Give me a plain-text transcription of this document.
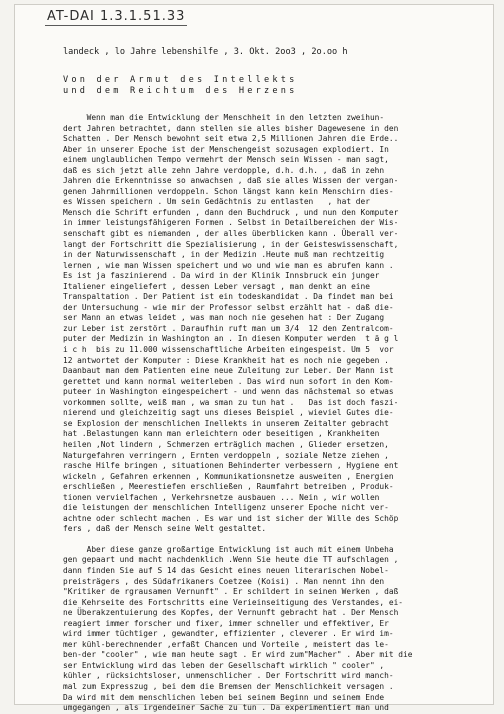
AT-DAI 1.3.1.51.33
landeck , lo Jahre lebenshilfe , 3. Okt. 2oo3 , 2o.oo h
Von der Armut des Intellekts
und dem Reichtum des Herzens
Wenn man die Entwicklung der Menschheit in den letzten zweihun-
dert Jahren betrachtet, dann stellen sie alles bisher Dagewesene in den
Schatten . Der Mensch bewohnt seit etwa 2,5 Millionen Jahren die Erde..
Aber in unserer Epoche ist der Menschengeist sozusagen explodiert. In
einem unglaublichen Tempo vermehrt der Mensch sein Wissen - man sagt,
daß es sich jetzt alle zehn Jahre verdopple, d.h. d.h. , daß in zehn
Jahren die Erkenntnisse so anwachsen , daß sie alles Wissen der vergan-
genen Jahrmillionen verdoppeln. Schon längst kann kein Menschirn dies-
es Wissen speichern . Um sein Gedächtnis zu entlasten   , hat der
Mensch die Schrift erfunden , dann den Buchdruck , und nun den Komputer
in immer leistungsfähigeren Formen . Selbst in Detailbereichen der Wis-
senschaft gibt es niemanden , der alles überblicken kann . Überall ver-
langt der Fortschritt die Spezialisierung , in der Geisteswissenschaft,
in der Naturwissenschaft , in der Medizin .Heute muß man rechtzeitig
lernen , wie man Wissen speichert und wo und wie man es abrufen kann .
Es ist ja faszinierend . Da wird in der Klinik Innsbruck ein junger
Italiener eingeliefert , dessen Leber versagt , man denkt an eine
Transpaltation . Der Patient ist ein todeskandidat . Da findet man bei
der Untersuchung - wie mir der Professor selbst erzählt hat - daß die-
ser Mann an etwas leidet , was man noch nie gesehen hat : Der Zugang
zur Leber ist zerstört . Daraufhin ruft man um 3/4  12 den Zentralcom-
puter der Medizin in Washington an . In diesen Komputer werden  t ä g l
i c h  bis zu 11.000 wissenschaftliche Arbeiten eingespeist. Um 5  vor
12 antwortet der Komputer : Diese Krankheit hat es noch nie gegeben .
Daanbaut man dem Patienten eine neue Zuleitung zur Leber. Der Mann ist
gerettet und kann normal weiterleben . Das wird nun sofort in den Kom-
puteer in Washington eingespeichert - und wenn das nächstemal so etwas
vorkommen sollte, weiß man , wa sman zu tun hat .   Das ist doch faszi-
nierend und gleichzeitig sagt uns dieses Beispiel , wieviel Gutes die-
se Explosion der menschlichen Inellekts in unserem Zeitalter gebracht
hat .Belastungen kann man erleichtern oder beseitigen , Krankheiten
heilen ,Not lindern , Schmerzen erträglich machen , Glieder ersetzen,
Naturgefahren verringern , Ernten verdoppeln , soziale Netze ziehen ,
rasche Hilfe bringen , situationen Behinderter verbessern , Hygiene ent
wickeln , Gefahren erkennen , Kommunikationsnetze ausweiten , Energien
erschließen , Meerestiefen erschließen , Raumfahrt betreiben , Produk-
tionen vervielfachen , Verkehrsnetze ausbauen ... Nein , wir wollen
die leistungen der menschlichen Intelligenz unserer Epoche nicht ver-
achtne oder schlecht machen . Es war und ist sicher der Wille des Schöp
fers , daß der Mensch seine Welt gestaltet.
Aber diese ganze großartige Entwicklung ist auch mit einem Unbeha
gen gepaart und macht nachdenklich .Wenn Sie heute die TT aufschlagen ,
dann finden Sie auf S 14 das Gesicht eines neuen literarischen Nobel-
preisträgers , des Südafrikaners Coetzee (Koisi) . Man nennt ihn den
"Kritiker de rgrausamen Vernunft" . Er schildert in seinen Werken , daß
die Kehrseite des Fortschritts eine Verieinseitigung des Verstandes, ei-
ne Überakzentuierung des Kopfes, der Vernunft gebracht hat . Der Mensch
reagiert immer forscher und fixer, immer schneller und effektiver, Er
wird immer tüchtiger , gewandter, effizienter , cleverer . Er wird im-
mer kühl-berechnender ,erfaßt Chancen und Vorteile , meistert das le-
ben-der "cooler" , wie man heute sagt . Er wird zum"Macher" . Aber mit die
ser Entwicklung wird das leben der Gesellschaft wirklich " cooler" ,
kühler , rücksichtsloser, unmenschlicher . Der Fortschritt wird manch-
mal zum Expresszug , bei dem die Bremsen der Menschlichkeit versagen .
Da wird mit dem menschlichen leben bei seinem Beginn und seinem Ende
umgegangen , als irgendeiner Sache zu tun . Da experimentiert man und
